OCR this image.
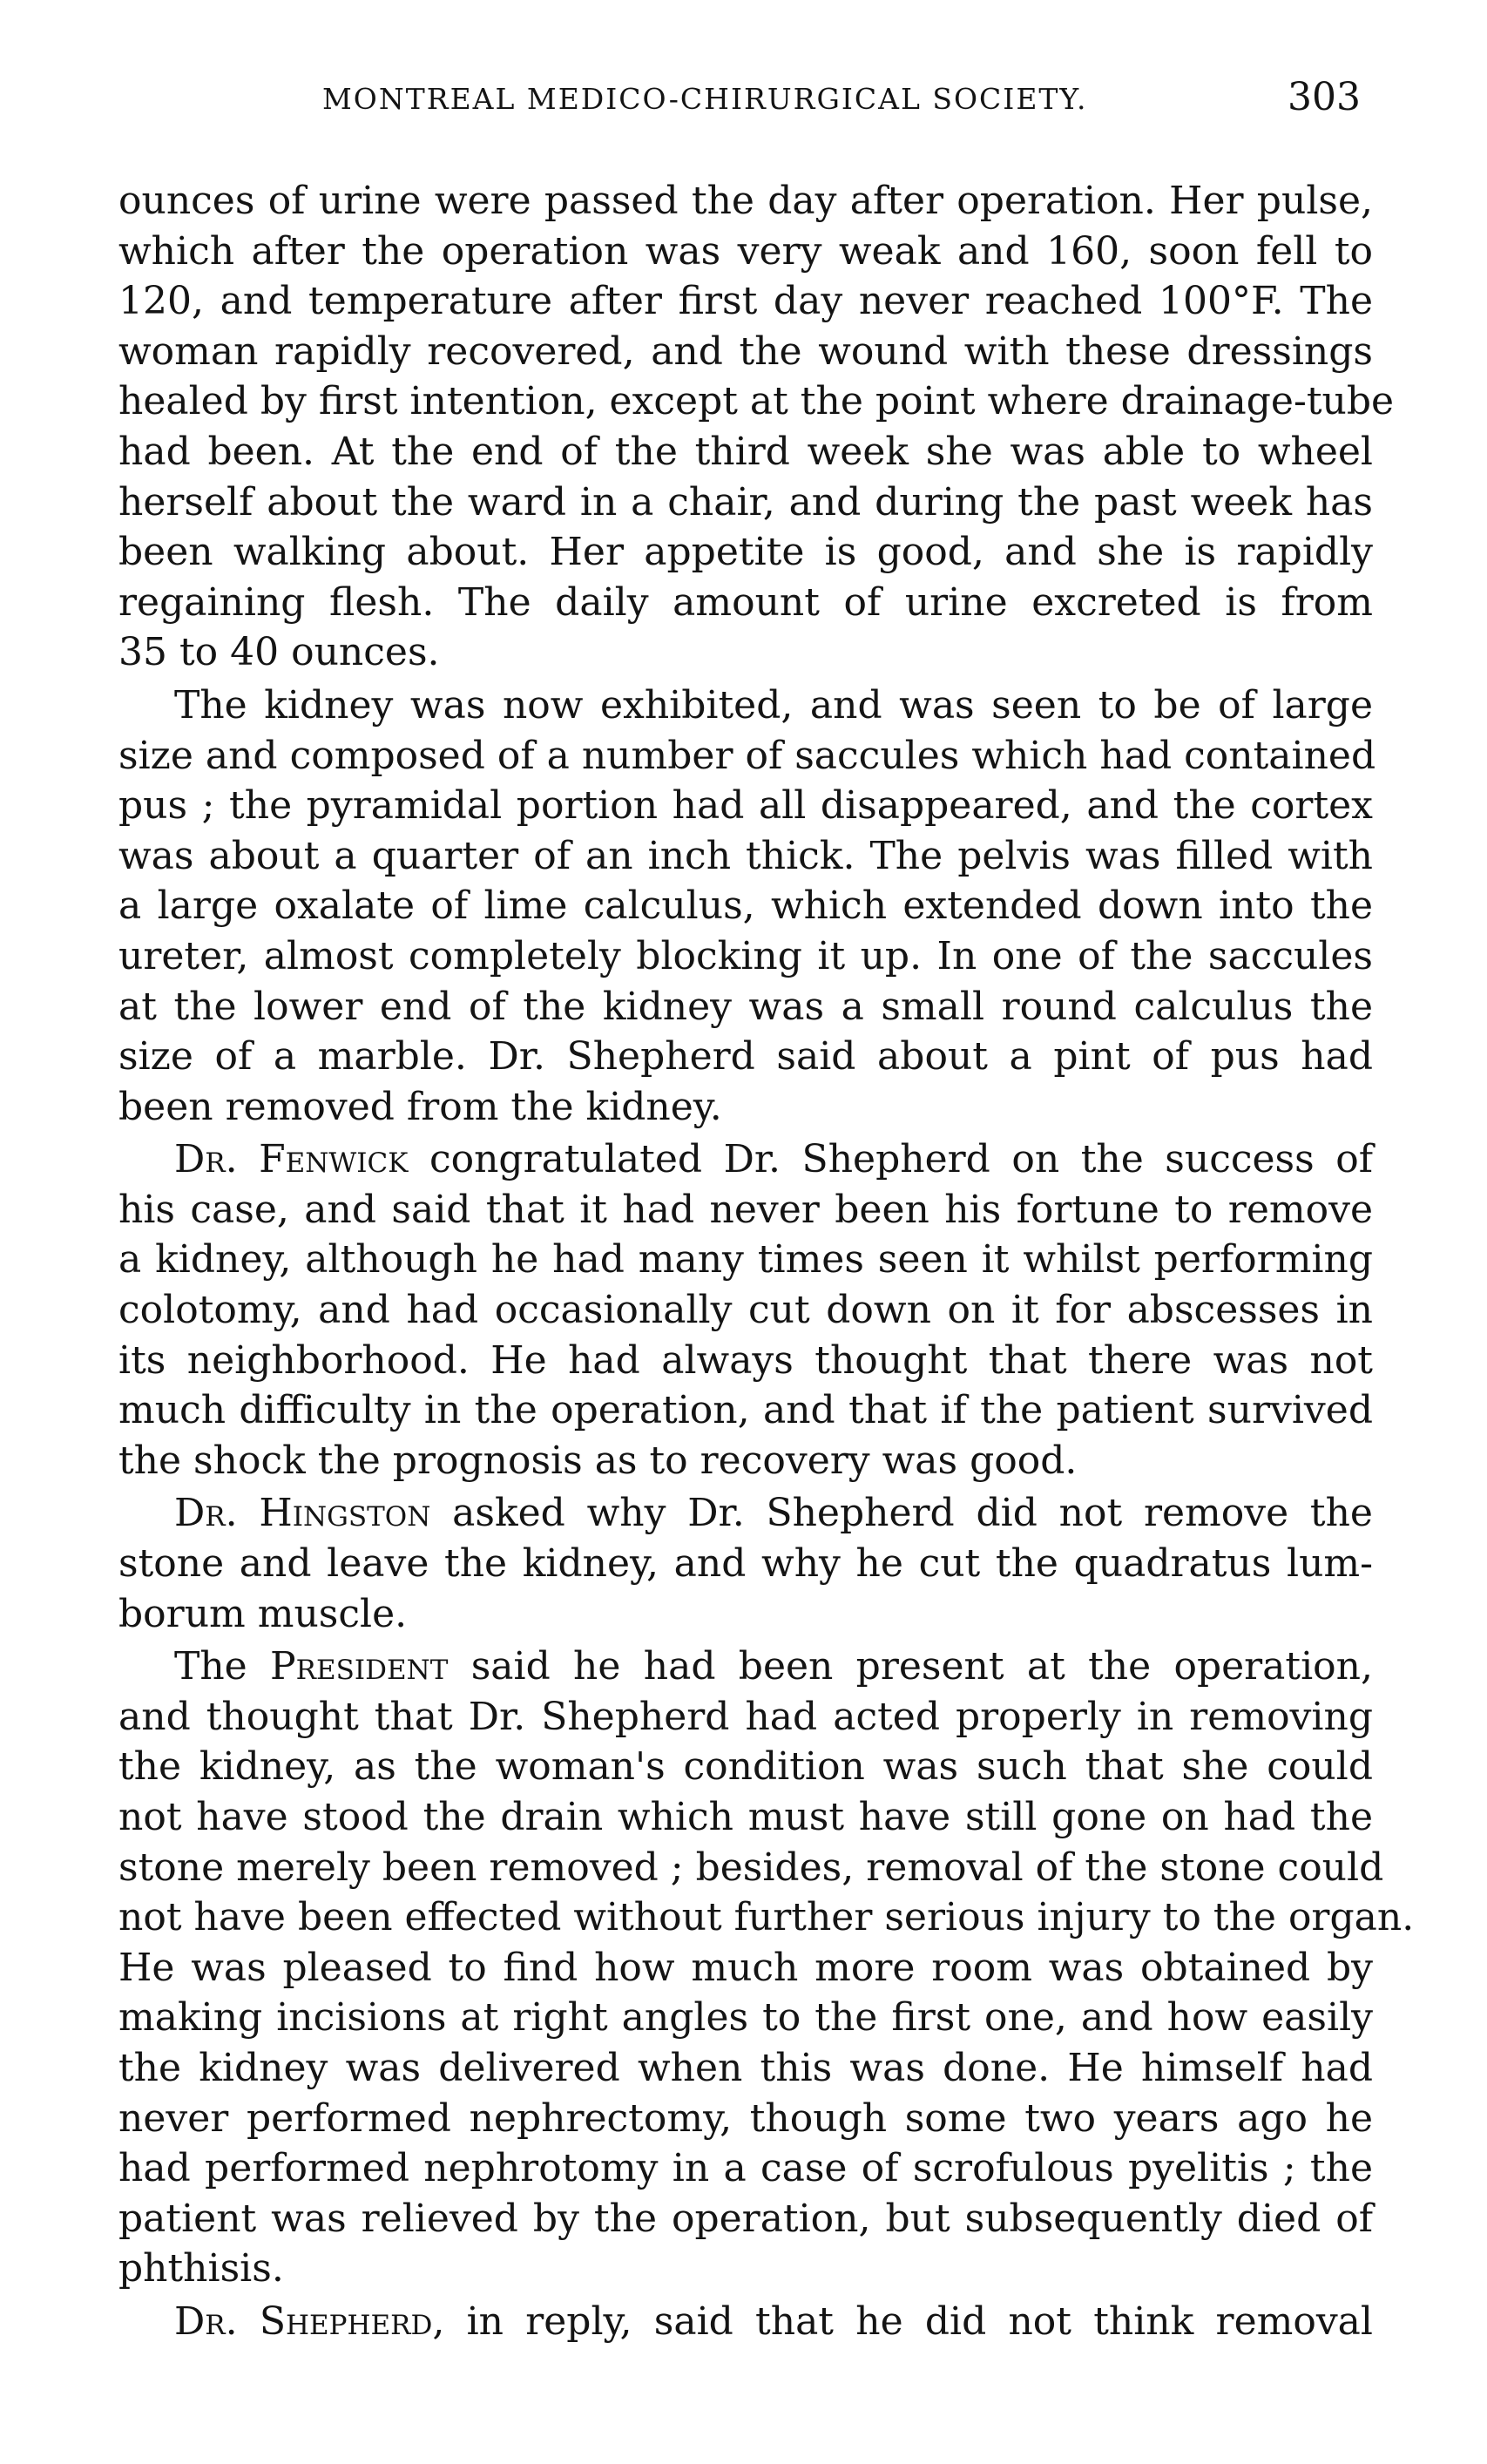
MONTREAL MEDICO-CHIRURGICAL SOCIETY.	303
ounces of urine were passed the day after operation. Her pulse,
which after the operation was very weak and 160, soon fell to
120, and temperature after first day never reached 100°F. The
woman rapidly recovered, and the wound with these dressings
healed by first intention, except at the point where drainage-tube
had been. At the end of the third week she was able to wheel
herself about the ward in a chair, and during the past week has
been walking about. Her appetite is good, and she is rapidly
regaining flesh. The daily amount of urine excreted is from
35 to 40 ounces.
The kidney was now exhibited, and was seen to be of large
size and composed of a number of saccules which had contained
pus ; the pyramidal portion had all disappeared, and the cortex
was about a quarter of an inch thick. The pelvis was filled with
a large oxalate of lime calculus, which extended down into the
ureter, almost completely blocking it up. In one of the saccules
at the lower end of the kidney was a small round calculus the
size of a marble. Dr. Shepherd said about a pint of pus had
been removed from the kidney.
Dr. Fenwick congratulated Dr. Shepherd on the success of
his case, and said that it had never been his fortune to remove
a kidney, although he had many times seen it whilst performing
colotomy, and had occasionally cut down on it for abscesses in
its neighborhood. He had always thought that there was not
much difficulty in the operation, and that if the patient survived
the shock the prognosis as to recovery was good.
Dr. Hingston asked why Dr. Shepherd did not remove the
stone and leave the kidney, and why he cut the quadratus lum-
borum muscle.
The President said he had been present at the operation,
and thought that Dr. Shepherd had acted properly in removing
the kidney, as the woman's condition was such that she could
not have stood the drain which must have still gone on had the
stone merely been removed ; besides, removal of the stone could
not have been effected without further serious injury to the organ.
He was pleased to find how much more room was obtained by
making incisions at right angles to the first one, and how easily
the kidney was delivered when this was done. He himself had
never performed nephrectomy, though some two years ago he
had performed nephrotomy in a case of scrofulous pyelitis ; the
patient was relieved by the operation, but subsequently died of
phthisis.
Dr. Shepherd, in reply, said that he did not think removal
